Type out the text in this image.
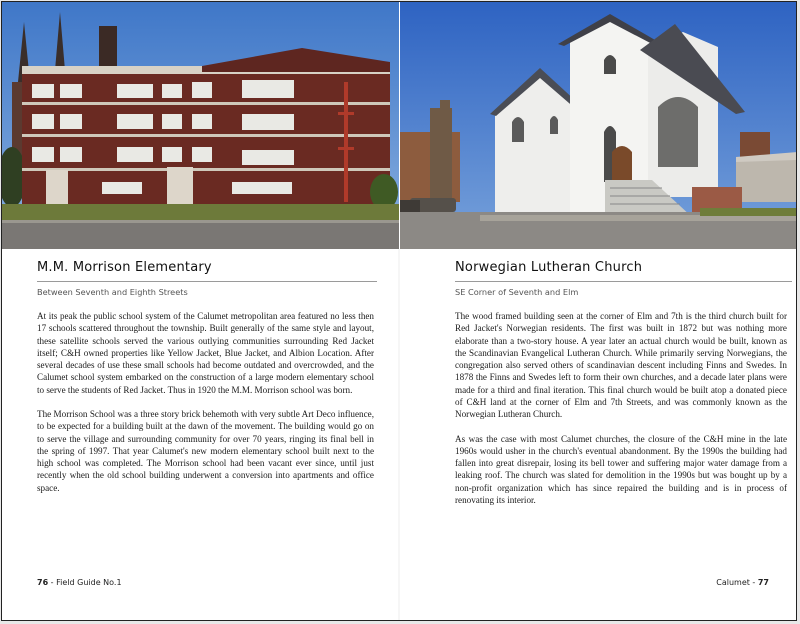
M.M. Morrison Elementary
Between Seventh and Eighth Streets

At its peak the public school system of the Calumet metropolitan area featured no less then 17 schools scattered throughout the township. Built generally of the same style and layout, these satellite schools served the various outlying communities surrounding Red Jacket itself; C&H owned properties like Yellow Jacket, Blue Jacket, and Albion Location. After several decades of use these small schools had become outdated and overcrowded, and the Calumet school system embarked on the construction of a large modern elementary school to serve the students of Red Jacket. Thus in 1920 the M.M. Morrison school was born.

The Morrison School was a three story brick behemoth with very subtle Art Deco influence, to be expected for a building built at the dawn of the movement. The building would go on to serve the village and surrounding community for over 70 years, ringing its final bell in the spring of 1997. That year Calumet's new modern elementary school built next to the high school was completed. The Morrison school had been vacant ever since, until just recently when the old school building underwent a conversion into apartments and office space.

76 - Field Guide No.1
Norwegian Lutheran Church
SE Corner of Seventh and Elm

The wood framed building seen at the corner of Elm and 7th is the third church built for Red Jacket's Norwegian residents. The first was built in 1872 but was nothing more elaborate than a two-story house. A year later an actual church would be built, known as the Scandinavian Evangelical Lutheran Church. While primarily serving Norwegians, the congregation also served others of scandinavian descent including Finns and Swedes. In 1878 the Finns and Swedes left to form their own churches, and a decade later plans were made for a third and final iteration. This final church would be built atop a donated piece of C&H land at the corner of Elm and 7th Streets, and was commonly known as the Norwegian Lutheran Church.

As was the case with most Calumet churches, the closure of the C&H mine in the late 1960s would usher in the church's eventual abandonment. By the 1990s the building had fallen into great disrepair, losing its bell tower and suffering major water damage from a leaking roof. The church was slated for demolition in the 1990s but was bought up by a non-profit organization which has since repaired the building and is in process of renovating its interior.

Calumet - 77
